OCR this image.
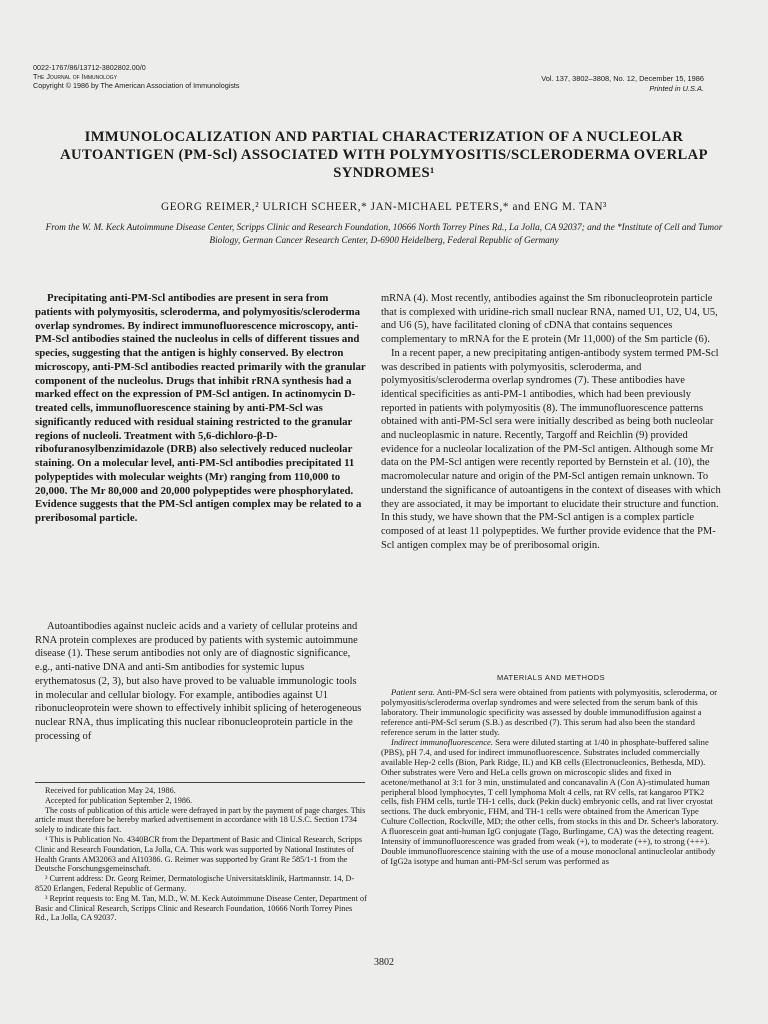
0022-1767/86/13712-3802802.00/0
The Journal of Immunology
Copyright © 1986 by The American Association of Immunologists
Vol. 137, 3802–3808, No. 12, December 15, 1986
Printed in U.S.A.
IMMUNOLOCALIZATION AND PARTIAL CHARACTERIZATION OF A NUCLEOLAR AUTOANTIGEN (PM-Scl) ASSOCIATED WITH POLYMYOSITIS/SCLERODERMA OVERLAP SYNDROMES¹
GEORG REIMER,² ULRICH SCHEER,* JAN-MICHAEL PETERS,* and ENG M. TAN³
From the W. M. Keck Autoimmune Disease Center, Scripps Clinic and Research Foundation, 10666 North Torrey Pines Rd., La Jolla, CA 92037; and the *Institute of Cell and Tumor Biology, German Cancer Research Center, D-6900 Heidelberg, Federal Republic of Germany
Precipitating anti-PM-Scl antibodies are present in sera from patients with polymyositis, scleroderma, and polymyositis/scleroderma overlap syndromes. By indirect immunofluorescence microscopy, anti-PM-Scl antibodies stained the nucleolus in cells of different tissues and species, suggesting that the antigen is highly conserved. By electron microscopy, anti-PM-Scl antibodies reacted primarily with the granular component of the nucleolus. Drugs that inhibit rRNA synthesis had a marked effect on the expression of PM-Scl antigen. In actinomycin D-treated cells, immunofluorescence staining by anti-PM-Scl was significantly reduced with residual staining restricted to the granular regions of nucleoli. Treatment with 5,6-dichloro-β-D-ribofuranosylbenzimidazole (DRB) also selectively reduced nucleolar staining. On a molecular level, anti-PM-Scl antibodies precipitated 11 polypeptides with molecular weights (Mr) ranging from 110,000 to 20,000. The Mr 80,000 and 20,000 polypeptides were phosphorylated. Evidence suggests that the PM-Scl antigen complex may be related to a preribosomal particle.
Autoantibodies against nucleic acids and a variety of cellular proteins and RNA protein complexes are produced by patients with systemic autoimmune disease (1). These serum antibodies not only are of diagnostic significance, e.g., anti-native DNA and anti-Sm antibodies for systemic lupus erythematosus (2, 3), but also have proved to be valuable immunologic tools in molecular and cellular biology. For example, antibodies against U1 ribonucleoprotein were shown to effectively inhibit splicing of heterogeneous nuclear RNA, thus implicating this nuclear ribonucleoprotein particle in the processing of

mRNA (4). Most recently, antibodies against the Sm ribonucleoprotein particle that is complexed with uridine-rich small nuclear RNA, named U1, U2, U4, U5, and U6 (5), have facilitated cloning of cDNA that contains sequences complementary to mRNA for the E protein (Mr 11,000) of the Sm particle (6).

In a recent paper, a new precipitating antigen-antibody system termed PM-Scl was described in patients with polymyositis, scleroderma, and polymyositis/scleroderma overlap syndromes (7). These antibodies have identical specificities as anti-PM-1 antibodies, which had been previously reported in patients with polymyositis (8). The immunofluorescence patterns obtained with anti-PM-Scl sera were initially described as being both nucleolar and nucleoplasmic in nature. Recently, Targoff and Reichlin (9) provided evidence for a nucleolar localization of the PM-Scl antigen. Although some Mr data on the PM-Scl antigen were recently reported by Bernstein et al. (10), the macromolecular nature and origin of the PM-Scl antigen remain unknown. To understand the significance of autoantigens in the context of diseases with which they are associated, it may be important to elucidate their structure and function. In this study, we have shown that the PM-Scl antigen is a complex particle composed of at least 11 polypeptides. We further provide evidence that the PM-Scl antigen complex may be of preribosomal origin.

MATERIALS AND METHODS

Patient sera. Anti-PM-Scl sera were obtained from patients with polymyositis, scleroderma, or polymyositis/scleroderma overlap syndromes and were selected from the serum bank of this laboratory. Their immunologic specificity was assessed by double immunodiffusion against a reference anti-PM-Scl serum (S.B.) as described (7). This serum had also been the standard reference serum in the latter study.

Indirect immunofluorescence. Sera were diluted starting at 1/40 in phosphate-buffered saline (PBS), pH 7.4, and used for indirect immunofluorescence. Substrates included commercially available Hep-2 cells (Bion, Park Ridge, IL) and KB cells (Electronucleonics, Bethesda, MD). Other substrates were Vero and HeLa cells grown on microscopic slides and fixed in acetone/methanol at 3:1 for 3 min, unstimulated and concanavalin A (Con A)-stimulated human peripheral blood lymphocytes, T cell lymphoma Molt 4 cells, rat RV cells, rat kangaroo PTK2 cells, fish FHM cells, turtle TH-1 cells, duck (Pekin duck) embryonic cells, and rat liver cryostat sections. The duck embryonic, FHM, and TH-1 cells were obtained from the American Type Culture Collection, Rockville, MD; the other cells, from stocks in this and Dr. Scheer's laboratory. A fluorescein goat anti-human IgG conjugate (Tago, Burlingame, CA) was the detecting reagent. Intensity of immunofluorescence was graded from weak (+), to moderate (++), to strong (+++). Double immunofluorescence staining with the use of a mouse monoclonal antinucleolar antibody of IgG2a isotype and human anti-PM-Scl serum was performed as

Received for publication May 24, 1986.

Accepted for publication September 2, 1986.

The costs of publication of this article were defrayed in part by the payment of page charges. This article must therefore be hereby marked advertisement in accordance with 18 U.S.C. Section 1734 solely to indicate this fact.

¹ This is Publication No. 4340BCR from the Department of Basic and Clinical Research, Scripps Clinic and Research Foundation, La Jolla, CA. This work was supported by National Institutes of Health Grants AM32063 and AI10386. G. Reimer was supported by Grant Re 585/1-1 from the Deutsche Forschungsgemeinschaft.

² Current address: Dr. Georg Reimer, Dermatologische Universitatsklinik, Hartmannstr. 14, D-8520 Erlangen, Federal Republic of Germany.

³ Reprint requests to: Eng M. Tan, M.D., W. M. Keck Autoimmune Disease Center, Department of Basic and Clinical Research, Scripps Clinic and Research Foundation, 10666 North Torrey Pines Rd., La Jolla, CA 92037.

3802
